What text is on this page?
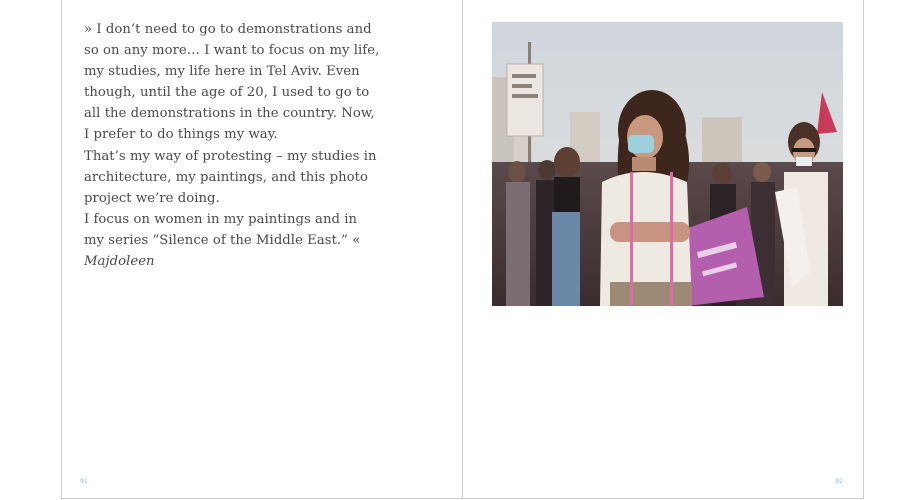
» I don’t need to go to demonstrations and
so on any more… I want to focus on my life,
my studies, my life here in Tel Aviv. Even
though, until the age of 20, I used to go to
all the demonstrations in the country. Now,
I prefer to do things my way.
That’s my way of protesting – my studies in
architecture, my paintings, and this photo
project we’re doing.
I focus on women in my paintings and in
my series “Silence of the Middle East.” «
Majdoleen
91	92
